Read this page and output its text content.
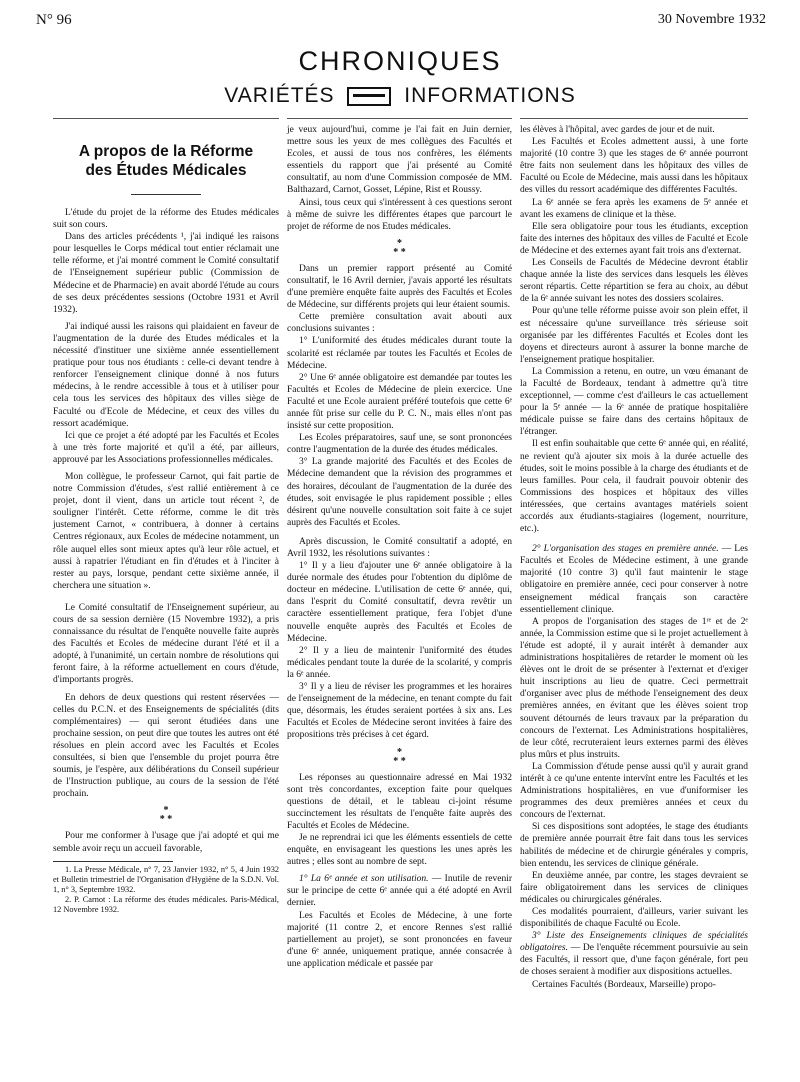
N° 96	30 Novembre 1932
CHRONIQUES
VARIÉTÉS	INFORMATIONS
A propos de la Réforme
des Études Médicales

L'étude du projet de la réforme des Etudes médicales suit son cours.

Dans des articles précédents ¹, j'ai indiqué les raisons pour lesquelles le Corps médical tout entier réclamait une telle réforme, et j'ai montré comment le Comité consultatif de l'Enseignement supérieur public (Commission de Médecine et de Pharmacie) en avait abordé l'étude au cours de ses deux précédentes sessions (Octobre 1931 et Avril 1932).

J'ai indiqué aussi les raisons qui plaidaient en faveur de l'augmentation de la durée des Etudes médicales et la nécessité d'instituer une sixième année essentiellement pratique pour tous nos étudiants : celle-ci devant tendre à renforcer l'enseignement clinique donné à nos futurs médecins, à le rendre accessible à tous et à utiliser pour cela tous les services des hôpitaux des villes siège de Faculté ou d'Ecole de Médecine, et ceux des villes du ressort académique.

Ici que ce projet a été adopté par les Facultés et Ecoles à une très forte majorité et qu'il a été, par ailleurs, approuvé par les Associations professionnelles médicales.

Mon collègue, le professeur Carnot, qui fait partie de notre Commission d'études, s'est rallié entièrement à ce projet, dont il vient, dans un article tout récent ², de souligner l'intérêt. Cette réforme, comme le dit très justement Carnot, « contribuera, à donner à certains Centres régionaux, aux Ecoles de médecine notamment, un rôle auquel elles sont mieux aptes qu'à leur rôle actuel, et aussi à rapatrier l'étudiant en fin d'études et à l'inciter à rester au pays, lorsque, pendant cette sixième année, il cherchera une situation ».

Le Comité consultatif de l'Enseignement supérieur, au cours de sa session dernière (15 Novembre 1932), a pris connaissance du résultat de l'enquête nouvelle faite auprès des Facultés et Ecoles de médecine durant l'été et il a adopté, à l'unanimité, un certain nombre de résolutions qui feront faire, à la réforme actuellement en cours d'étude, d'importants progrès.

En dehors de deux questions qui restent réservées — celles du P.C.N. et des Enseignements de spécialités (dits complémentaires) — qui seront étudiées dans une prochaine session, on peut dire que toutes les autres ont été résolues en plein accord avec les Facultés et Ecoles consultées, si bien que l'ensemble du projet pourra être soumis, je l'espère, aux délibérations du Conseil supérieur de l'Instruction publique, au cours de la session de l'été prochain.

*
* *

Pour me conformer à l'usage que j'ai adopté et qui me semble avoir reçu un accueil favorable,

1. La Presse Médicale, n° 7, 23 Janvier 1932, n° 5, 4 Juin 1932 et Bulletin trimestriel de l'Organisation d'Hygiène de la S.D.N. Vol. 1, n° 3, Septembre 1932.

2. P. Carnot : La réforme des études médicales. Paris-Médical, 12 Novembre 1932.

je veux aujourd'hui, comme je l'ai fait en Juin dernier, mettre sous les yeux de mes collègues des Facultés et Ecoles, et aussi de tous nos confrères, les éléments essentiels du rapport que j'ai présenté au Comité consultatif, au nom d'une Commission composée de MM. Balthazard, Carnot, Gosset, Lépine, Rist et Roussy.

Ainsi, tous ceux qui s'intéressent à ces questions seront à même de suivre les différentes étapes que parcourt le projet de réforme de nos Etudes médicales.

*
* *

Dans un premier rapport présenté au Comité consultatif, le 16 Avril dernier, j'avais apporté les résultats d'une première enquête faite auprès des Facultés et Ecoles de Médecine, sur différents projets qui leur étaient soumis.

Cette première consultation avait abouti aux conclusions suivantes :

1° L'uniformité des études médicales durant toute la scolarité est réclamée par toutes les Facultés et Ecoles de Médecine.

2° Une 6ᵉ année obligatoire est demandée par toutes les Facultés et Ecoles de Médecine de plein exercice. Une Faculté et une Ecole auraient préféré toutefois que cette 6ᵉ année fût prise sur celle du P. C. N., mais elles n'ont pas insisté sur cette proposition.

Les Ecoles préparatoires, sauf une, se sont prononcées contre l'augmentation de la durée des études médicales.

3° La grande majorité des Facultés et des Ecoles de Médecine demandent que la révision des programmes et des horaires, découlant de l'augmentation de la durée des études, soit envisagée le plus rapidement possible ; elles désirent qu'une nouvelle consultation soit faite à ce sujet auprès des Facultés et Ecoles.

Après discussion, le Comité consultatif a adopté, en Avril 1932, les résolutions suivantes :

1° Il y a lieu d'ajouter une 6ᵉ année obligatoire à la durée normale des études pour l'obtention du diplôme de docteur en médecine. L'utilisation de cette 6ᵉ année, qui, dans l'esprit du Comité consultatif, devra revêtir un caractère essentiellement pratique, fera l'objet d'une nouvelle enquête auprès des Facultés et Ecoles de Médecine.

2° Il y a lieu de maintenir l'uniformité des études médicales pendant toute la durée de la scolarité, y compris la 6ᵉ année.

3° Il y a lieu de réviser les programmes et les horaires de l'enseignement de la médecine, en tenant compte du fait que, désormais, les études seraient portées à six ans. Les Facultés et Ecoles de Médecine seront invitées à faire des propositions très précises à cet égard.

*
* *

Les réponses au questionnaire adressé en Mai 1932 sont très concordantes, exception faite pour quelques questions de détail, et le tableau ci-joint résume succinctement les résultats de l'enquête faite auprès des Facultés et Ecoles de Médecine.

Je ne reprendrai ici que les éléments essentiels de cette enquête, en envisageant les questions les unes après les autres ; elles sont au nombre de sept.

1° La 6ᵉ année et son utilisation. — Inutile de revenir sur le principe de cette 6ᵉ année qui a été adopté en Avril dernier.

Les Facultés et Ecoles de Médecine, à une forte majorité (11 contre 2, et encore Rennes s'est rallié partiellement au projet), se sont prononcées en faveur d'une 6ᵉ année, uniquement pratique, année consacrée à une application médicale et passée par

les élèves à l'hôpital, avec gardes de jour et de nuit.

Les Facultés et Ecoles admettent aussi, à une forte majorité (10 contre 3) que les stages de 6ᵉ année pourront être faits non seulement dans les hôpitaux des villes de Faculté ou Ecole de Médecine, mais aussi dans les hôpitaux des villes du ressort académique des différentes Facultés.

La 6ᵉ année se fera après les examens de 5ᵉ année et avant les examens de clinique et la thèse.

Elle sera obligatoire pour tous les étudiants, exception faite des internes des hôpitaux des villes de Faculté et Ecole de Médecine et des externes ayant fait trois ans d'externat.

Les Conseils de Facultés de Médecine devront établir chaque année la liste des services dans lesquels les élèves seront répartis. Cette répartition se fera au choix, au début de la 6ᵉ année suivant les notes des dossiers scolaires.

Pour qu'une telle réforme puisse avoir son plein effet, il est nécessaire qu'une surveillance très sérieuse soit organisée par les différentes Facultés et Ecoles dont les doyens et directeurs auront à assurer la bonne marche de l'enseignement pratique hospitalier.

La Commission a retenu, en outre, un vœu émanant de la Faculté de Bordeaux, tendant à admettre qu'à titre exceptionnel, — comme c'est d'ailleurs le cas actuellement pour la 5ᵉ année — la 6ᵉ année de pratique hospitalière médicale puisse se faire dans des certains hôpitaux de l'étranger.

Il est enfin souhaitable que cette 6ᵉ année qui, en réalité, ne revient qu'à ajouter six mois à la durée actuelle des études, soit le moins possible à la charge des étudiants et de leurs familles. Pour cela, il faudrait pouvoir obtenir des Commissions des hospices et hôpitaux des villes intéressées, que certains avantages matériels soient accordés aux étudiants-stagiaires (logement, nourriture, etc.).

2° L'organisation des stages en première année. — Les Facultés et Ecoles de Médecine estiment, à une grande majorité (10 contre 3) qu'il faut maintenir le stage obligatoire en première année, ceci pour conserver à notre enseignement médical français son caractère essentiellement clinique.

A propos de l'organisation des stages de 1ʳᵉ et de 2ᵉ année, la Commission estime que si le projet actuellement à l'étude est adopté, il y aurait intérêt à demander aux administrations hospitalières de retarder le moment où les élèves ont le droit de se présenter à l'externat et d'exiger huit inscriptions au lieu de quatre. Ceci permettrait d'organiser avec plus de méthode l'enseignement des deux premières années, en évitant que les élèves soient trop souvent détournés de leurs travaux par la préparation du concours de l'externat. Les Administrations hospitalières, de leur côté, recruteraient leurs externes parmi des élèves plus mûrs et plus instruits.

La Commission d'étude pense aussi qu'il y aurait grand intérêt à ce qu'une entente intervînt entre les Facultés et les Administrations hospitalières, en vue d'uniformiser les programmes des deux premières années et ceux du concours de l'externat.

Si ces dispositions sont adoptées, le stage des étudiants de première année pourrait être fait dans tous les services habilités de médecine et de chirurgie générales y compris, bien entendu, les services de clinique générale.

En deuxième année, par contre, les stages devraient se faire obligatoirement dans les services de cliniques médicales ou chirurgicales générales.

Ces modalités pourraient, d'ailleurs, varier suivant les disponibilités de chaque Faculté ou Ecole.

3° Liste des Enseignements cliniques de spécialités obligatoires. — De l'enquête récemment poursuivie au sein des Facultés, il ressort que, d'une façon générale, fort peu de choses seraient à modifier aux dispositions actuelles.

Certaines Facultés (Bordeaux, Marseille) propo-
